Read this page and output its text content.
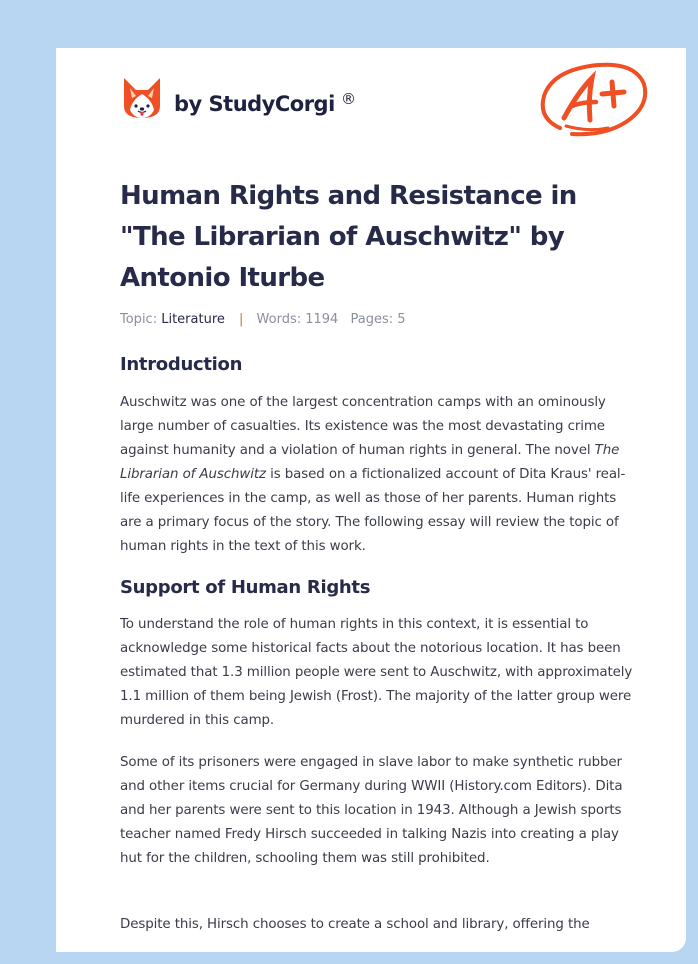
by StudyCorgi ®
Human Rights and Resistance in "The Librarian of Auschwitz" by Antonio Iturbe
Topic: Literature | Words: 1194 Pages: 5
Introduction

Auschwitz was one of the largest concentration camps with an ominously large number of casualties. Its existence was the most devastating crime against humanity and a violation of human rights in general. The novel The Librarian of Auschwitz is based on a fictionalized account of Dita Kraus' real-life experiences in the camp, as well as those of her parents. Human rights are a primary focus of the story. The following essay will review the topic of human rights in the text of this work.

Support of Human Rights

To understand the role of human rights in this context, it is essential to acknowledge some historical facts about the notorious location. It has been estimated that 1.3 million people were sent to Auschwitz, with approximately 1.1 million of them being Jewish (Frost). The majority of the latter group were murdered in this camp.

Some of its prisoners were engaged in slave labor to make synthetic rubber and other items crucial for Germany during WWII (History.com Editors). Dita and her parents were sent to this location in 1943. Although a Jewish sports teacher named Fredy Hirsch succeeded in talking Nazis into creating a play hut for the children, schooling them was still prohibited.

Despite this, Hirsch chooses to create a school and library, offering the
